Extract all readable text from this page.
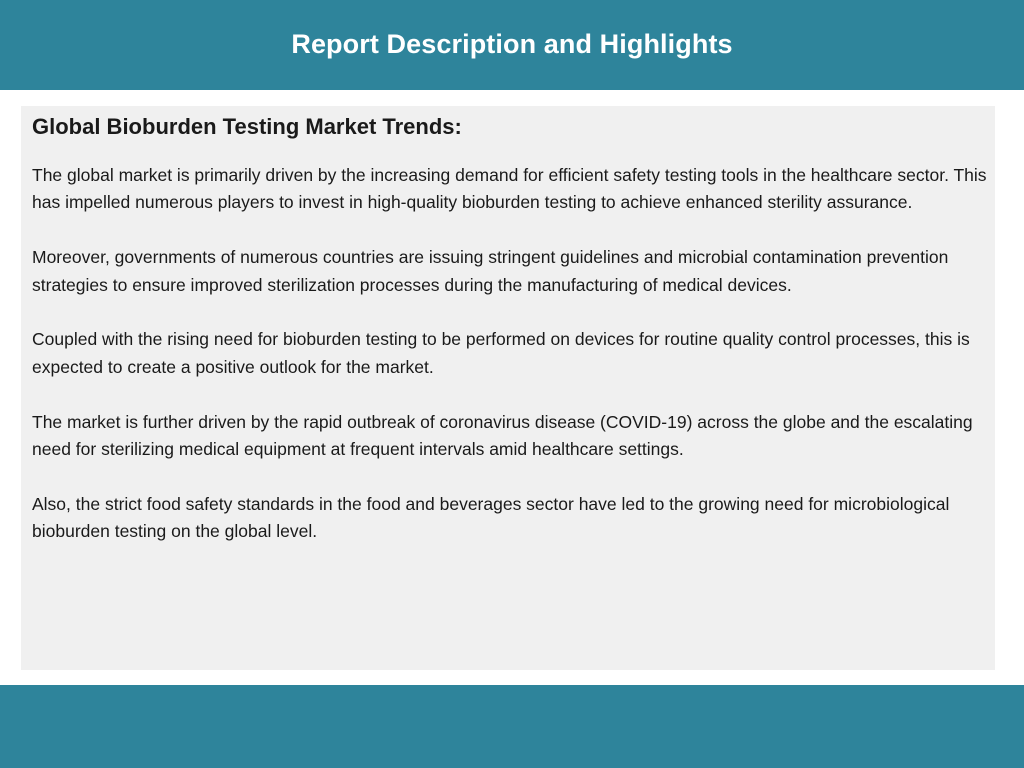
Report Description and Highlights
Global Bioburden Testing Market Trends:

The global market is primarily driven by the increasing demand for efficient safety testing tools in the healthcare sector. This has impelled numerous players to invest in high-quality bioburden testing to achieve enhanced sterility assurance.

Moreover, governments of numerous countries are issuing stringent guidelines and microbial contamination prevention strategies to ensure improved sterilization processes during the manufacturing of medical devices.

Coupled with the rising need for bioburden testing to be performed on devices for routine quality control processes, this is expected to create a positive outlook for the market.

The market is further driven by the rapid outbreak of coronavirus disease (COVID-19) across the globe and the escalating need for sterilizing medical equipment at frequent intervals amid healthcare settings.

Also, the strict food safety standards in the food and beverages sector have led to the growing need for microbiological bioburden testing on the global level.
